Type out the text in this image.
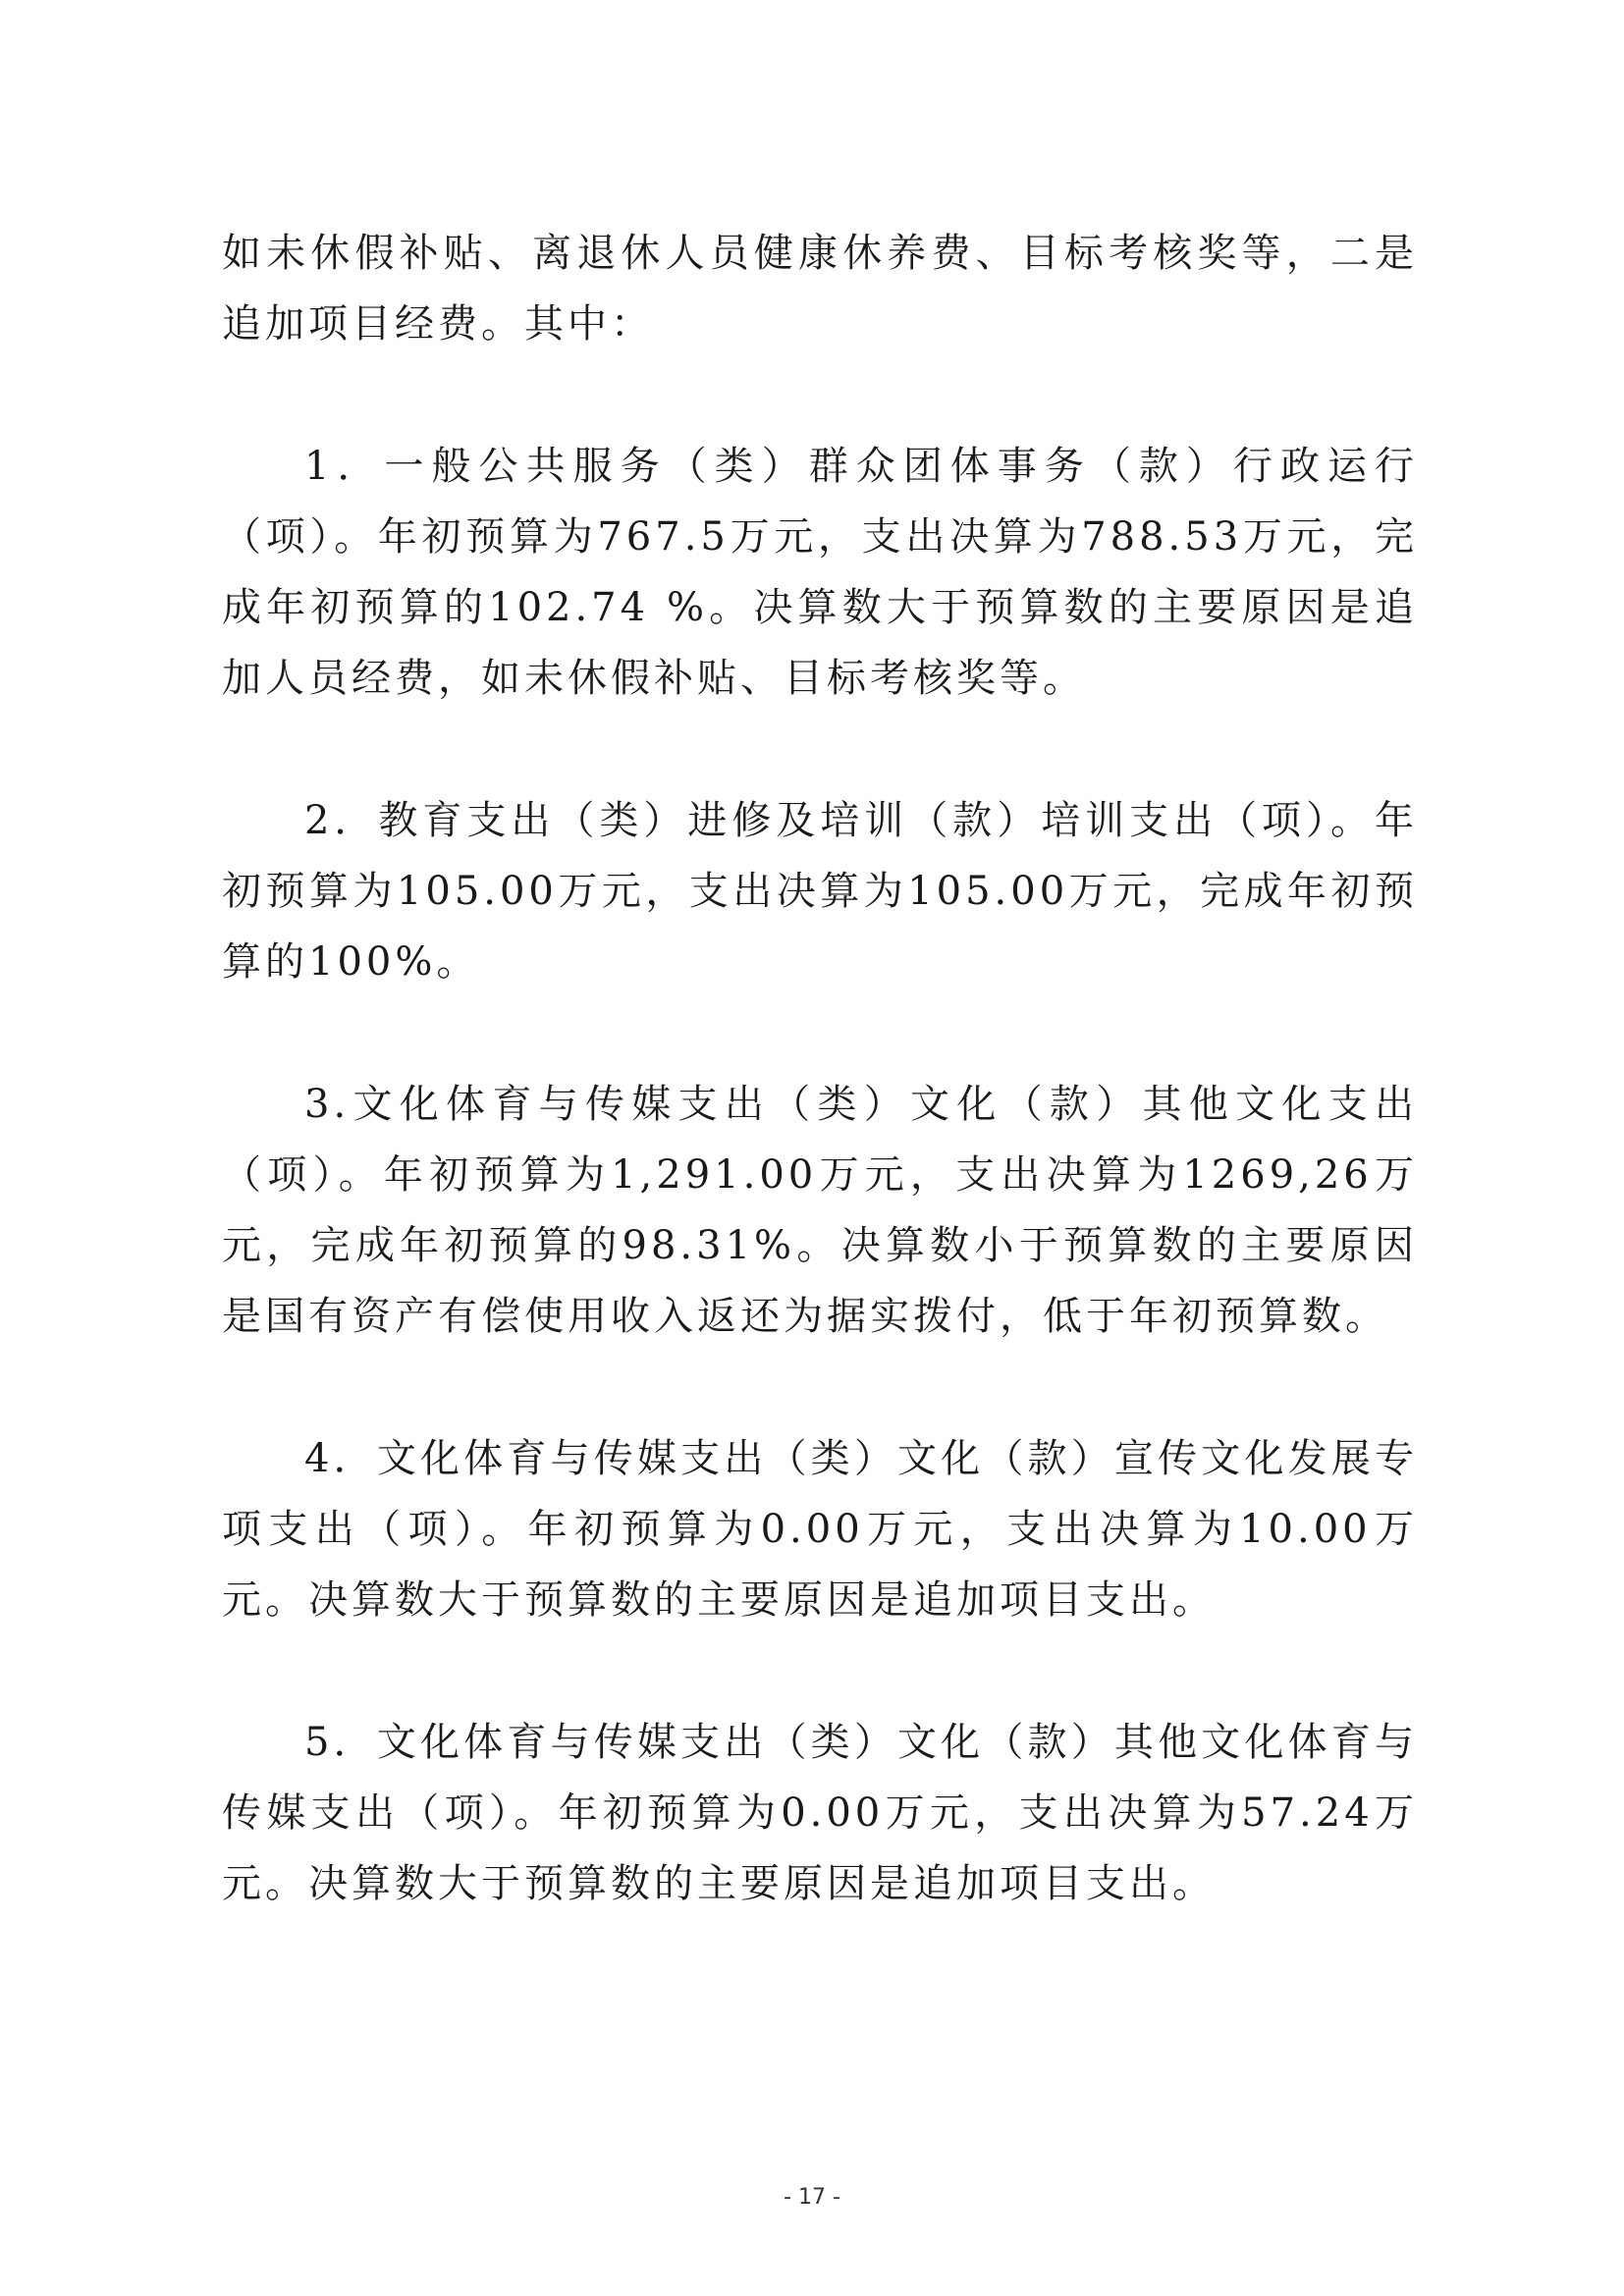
如未休假补贴、离退休人员健康休养费、目标考核奖等，二是追加项目经费。其中：

1．一般公共服务（类）群众团体事务（款）行政运行（项）。年初预算为767.5万元，支出决算为788.53万元，完成年初预算的102.74 %。决算数大于预算数的主要原因是追加人员经费，如未休假补贴、目标考核奖等。

2．教育支出（类）进修及培训（款）培训支出（项）。年初预算为105.00万元，支出决算为105.00万元，完成年初预算的100%。

3.文化体育与传媒支出（类）文化（款）其他文化支出（项）。年初预算为1,291.00万元，支出决算为1269,26万元，完成年初预算的98.31%。决算数小于预算数的主要原因是国有资产有偿使用收入返还为据实拨付，低于年初预算数。

4．文化体育与传媒支出（类）文化（款）宣传文化发展专项支出（项）。年初预算为0.00万元，支出决算为10.00万元。决算数大于预算数的主要原因是追加项目支出。

5．文化体育与传媒支出（类）文化（款）其他文化体育与传媒支出（项）。年初预算为0.00万元，支出决算为57.24万元。决算数大于预算数的主要原因是追加项目支出。

- 17 -
